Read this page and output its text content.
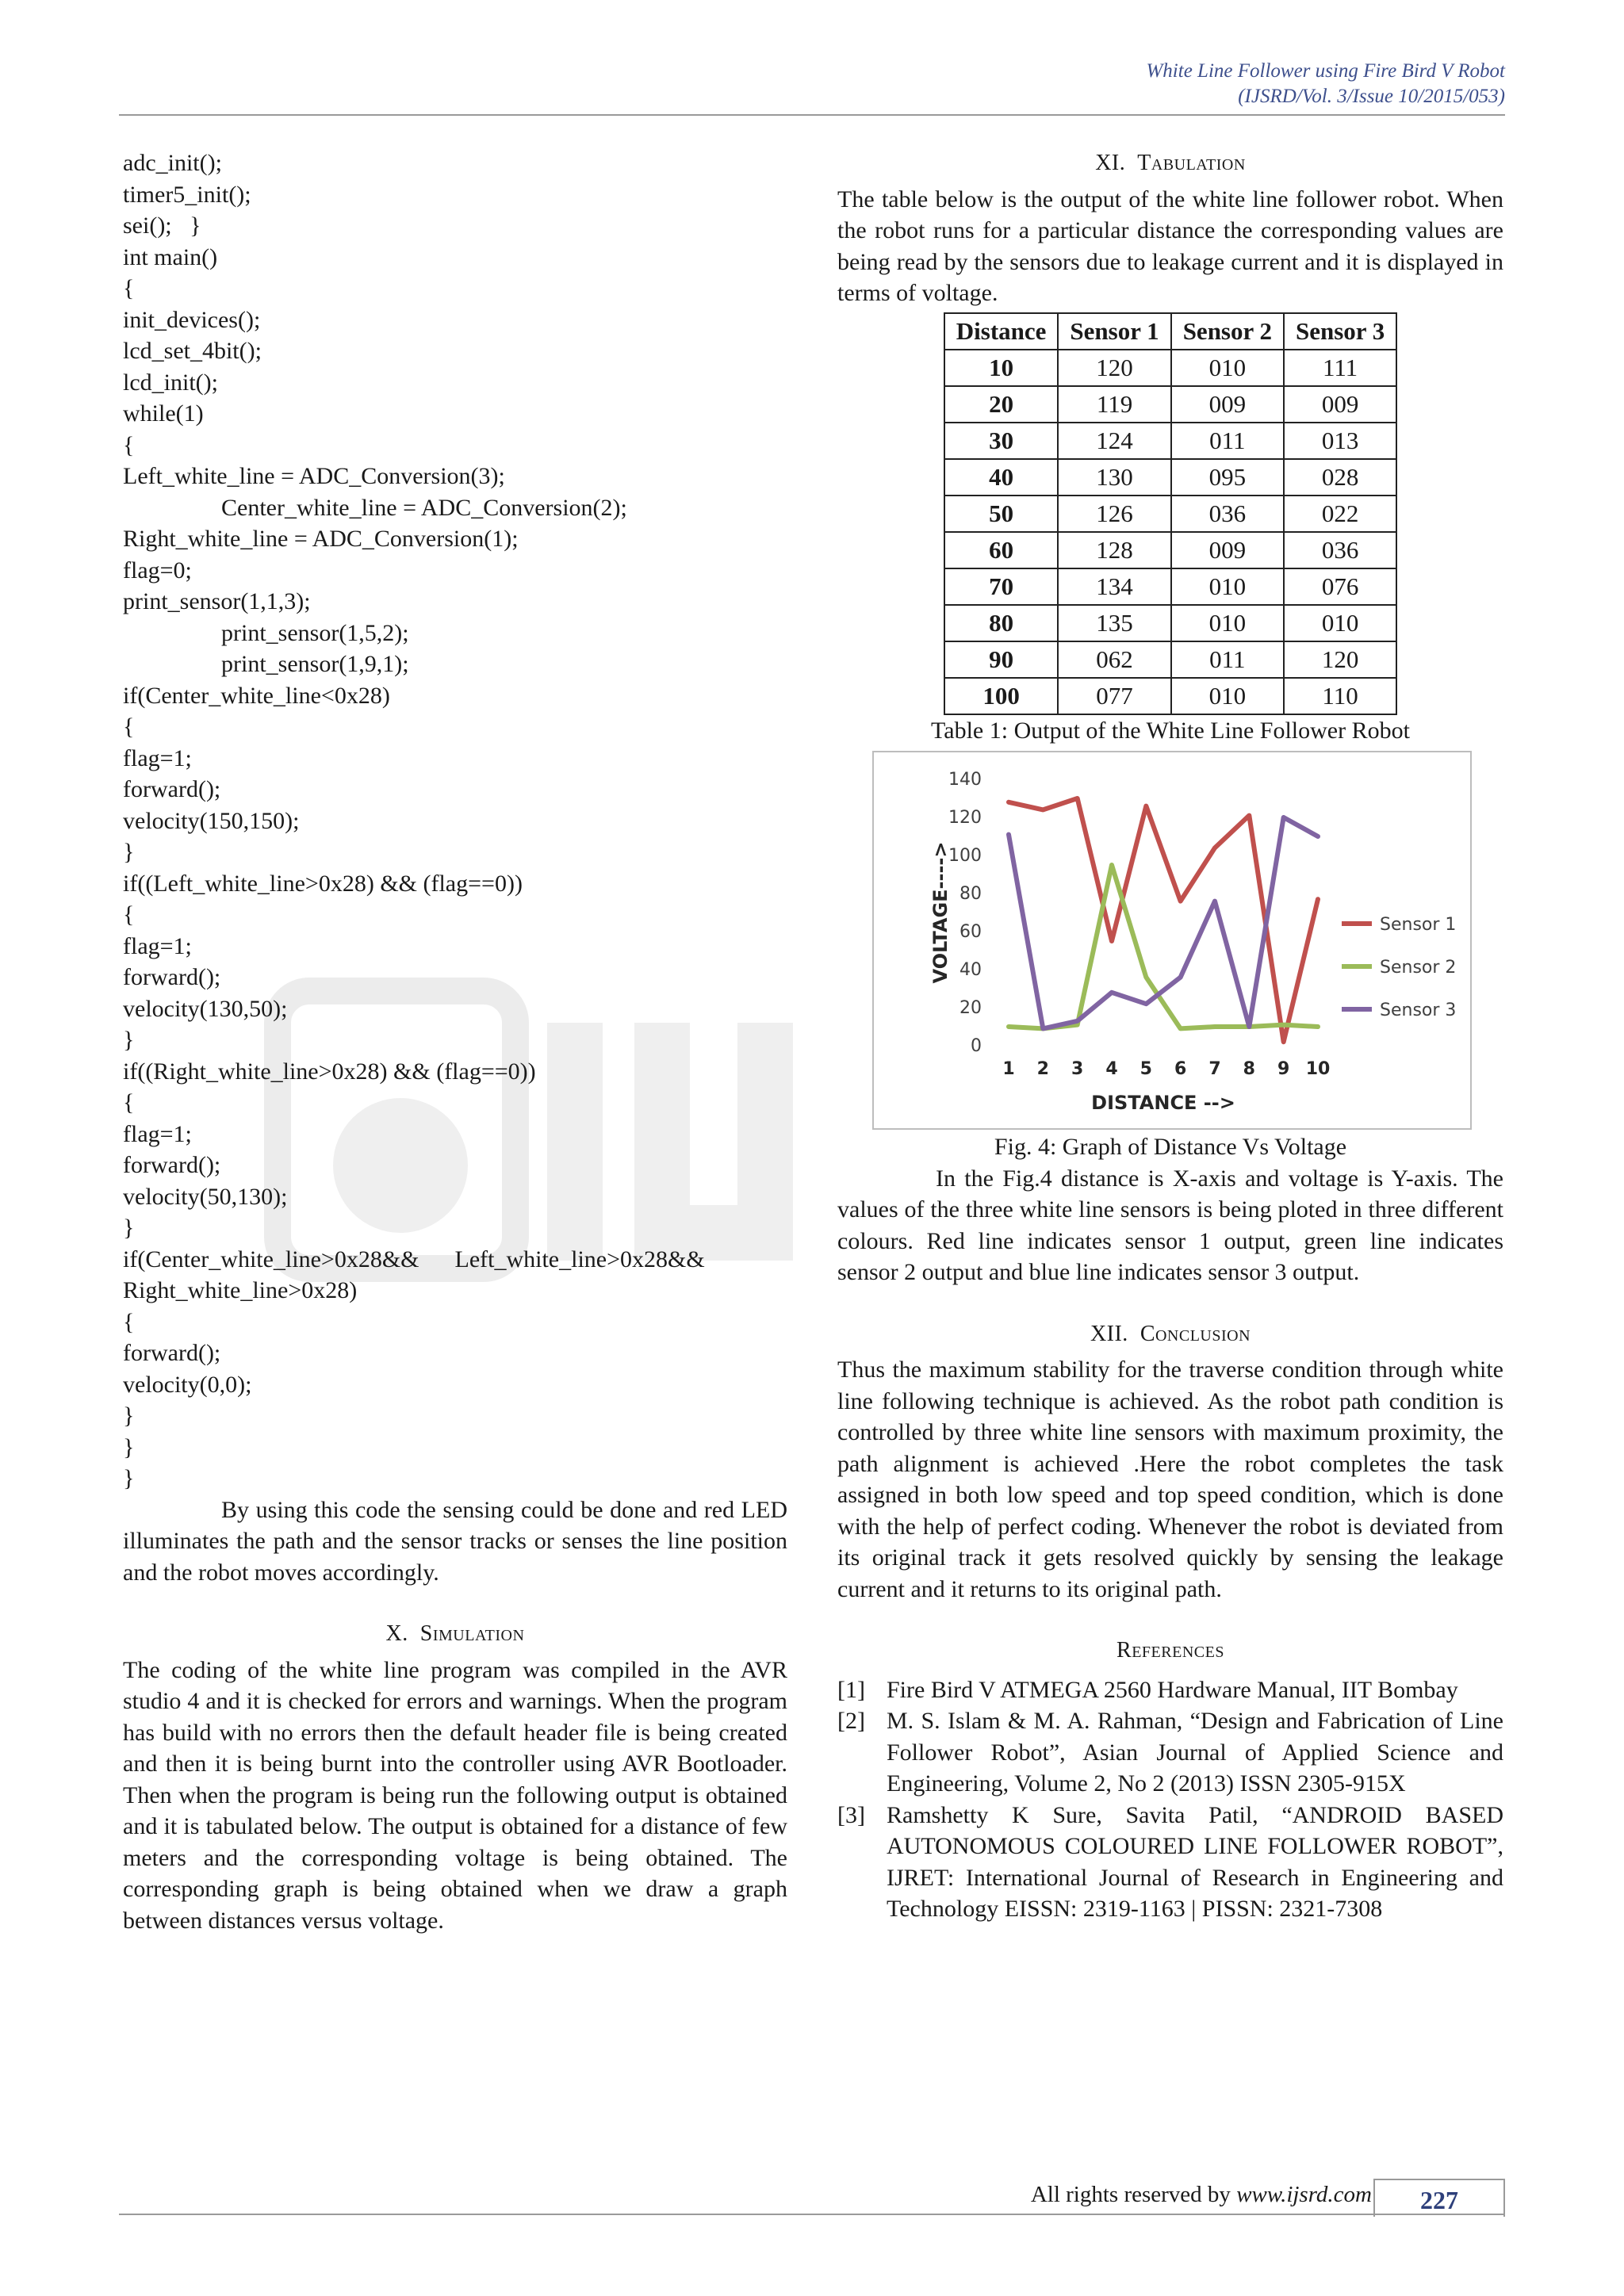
White Line Follower using Fire Bird V Robot
(IJSRD/Vol. 3/Issue 10/2015/053)
adc_init();
timer5_init();
sei();   }
int main()
{
init_devices();
lcd_set_4bit();
lcd_init();
while(1)
{
Left_white_line = ADC_Conversion(3);
Center_white_line = ADC_Conversion(2);
Right_white_line = ADC_Conversion(1);
flag=0;
print_sensor(1,1,3);
print_sensor(1,5,2);
print_sensor(1,9,1);
if(Center_white_line<0x28)
{
flag=1;
forward();
velocity(150,150);
}
if((Left_white_line>0x28) && (flag==0))
{
flag=1;
forward();
velocity(130,50);
}
if((Right_white_line>0x28) && (flag==0))
{
flag=1;
forward();
velocity(50,130);
}
if(Center_white_line>0x28&&      Left_white_line>0x28&&
Right_white_line>0x28)
{
forward();
velocity(0,0);
}
}
}

By using this code the sensing could be done and red LED illuminates the path and the sensor tracks or senses the line position and the robot moves accordingly.

X. Simulation

The coding of the white line program was compiled in the AVR studio 4 and it is checked for errors and warnings. When the program has build with no errors then the default header file is being created and then it is being burnt into the controller using AVR Bootloader. Then when the program is being run the following output is obtained and it is tabulated below. The output is obtained for a distance of few meters and the corresponding voltage is being obtained. The corresponding graph is being obtained when we draw a graph between distances versus voltage.

XI. Tabulation

The table below is the output of the white line follower robot. When the robot runs for a particular distance the corresponding values are being read by the sensors due to leakage current and it is displayed in terms of voltage.

Distance	Sensor 1	Sensor 2	Sensor 3
10	120	010	111
20	119	009	009
30	124	011	013
40	130	095	028
50	126	036	022
60	128	009	036
70	134	010	076
80	135	010	010
90	062	011	120
100	077	010	110

Table 1: Output of the White Line Follower Robot

0
20
40
60
80
100
120
140
1 2 3 4 5 6 7 8 9 10
DISTANCE -->
VOLTAGE---->	Sensor 1
Sensor 2
Sensor 3

Fig. 4: Graph of Distance Vs Voltage

In the Fig.4 distance is X-axis and voltage is Y-axis. The values of the three white line sensors is being ploted in three different colours. Red line indicates sensor 1 output, green line indicates sensor 2 output and blue line indicates sensor 3 output.

XII. Conclusion

Thus the maximum stability for the traverse condition through white line following technique is achieved. As the robot path condition is controlled by three white line sensors with maximum proximity, the path alignment is achieved .Here the robot completes the task assigned in both low speed and top speed condition, which is done with the help of perfect coding. Whenever the robot is deviated from its original track it gets resolved quickly by sensing the leakage current and it returns to its original path.

References

[1] Fire Bird V ATMEGA 2560 Hardware Manual, IIT Bombay
[2] M. S. Islam & M. A. Rahman, “Design and Fabrication of Line Follower Robot”, Asian Journal of Applied Science and Engineering, Volume 2, No 2 (2013) ISSN 2305-915X
[3] Ramshetty K Sure, Savita Patil, “ANDROID BASED AUTONOMOUS COLOURED LINE FOLLOWER ROBOT”, IJRET: International Journal of Research in Engineering and Technology EISSN: 2319-1163 | PISSN: 2321-7308
All rights reserved by www.ijsrd.com	227
